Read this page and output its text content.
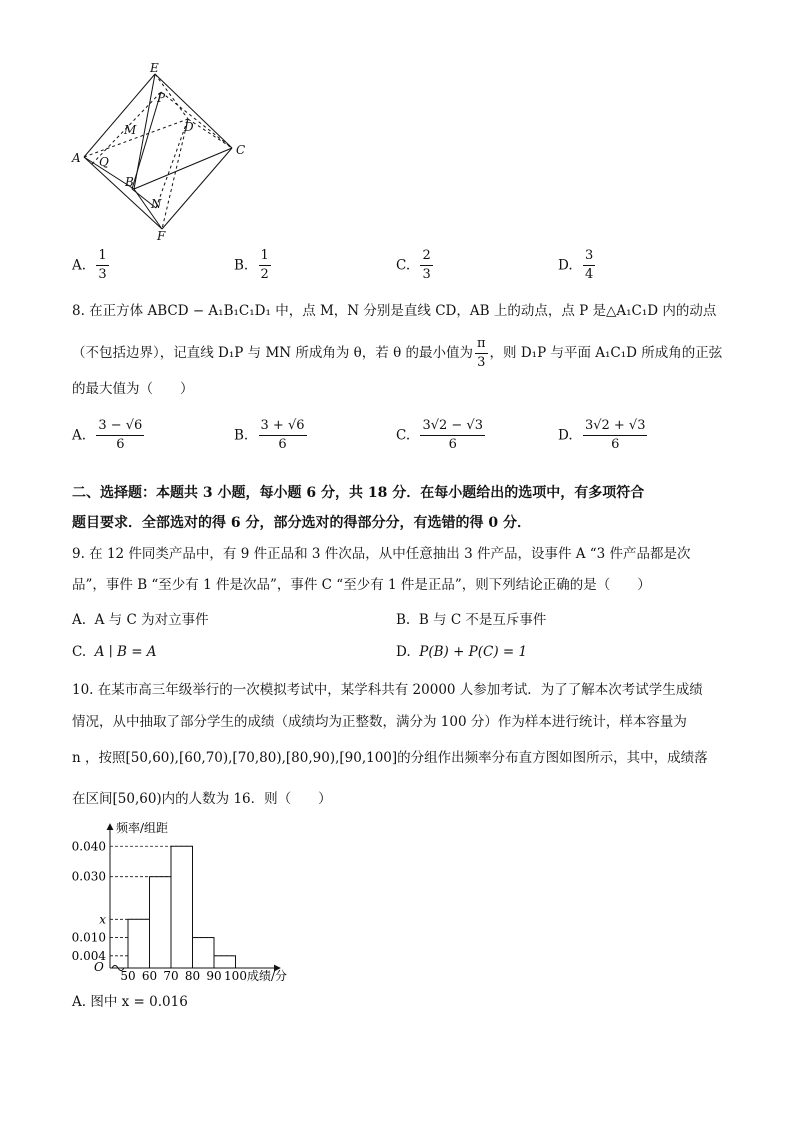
E
P
M	D
A
C
Q
B
N
F
A. $\frac{1}{3}$	B. $\frac{1}{2}$	C. $\frac{2}{3}$	D. $\frac{3}{4}$
8. 在正方体 ABCD − A₁B₁C₁D₁ 中，点 M，N 分别是直线 CD，AB 上的动点，点 P 是△A₁C₁D 内的动点
（不包括边界），记直线 D₁P 与 MN 所成角为 θ，若 θ 的最小值为 $\frac{\pi}{3}$ ，则 D₁P 与平面 A₁C₁D 所成角的正弦
的最大值为（　　）
A. $\frac{3 - √6}{6}$	B. $\frac{3 + √6}{6}$	C. $\frac{3√2 - √3}{6}$	D. $\frac{3√2 + √3}{6}$
二、选择题：本题共 3 小题，每小题 6 分，共 18 分．在每小题给出的选项中，有多项符合
题目要求．全部选对的得 6 分，部分选对的得部分分，有选错的得 0 分．
9. 在 12 件同类产品中，有 9 件正品和 3 件次品，从中任意抽出 3 件产品，设事件 A “3 件产品都是次
品”，事件 B “至少有 1 件是次品”，事件 C “至少有 1 件是正品”，则下列结论正确的是（　　）
A. A 与 C 为对立事件	B. B 与 C 不是互斥事件
C. A ∣ B = A	D. P(B) + P(C) = 1
10. 在某市高三年级举行的一次模拟考试中，某学科共有 20000 人参加考试．为了了解本次考试学生成绩
情况，从中抽取了部分学生的成绩（成绩均为正整数，满分为 100 分）作为样本进行统计，样本容量为
n ，按照[50,60),[60,70),[70,80),[80,90),[90,100]的分组作出频率分布直方图如图所示，其中，成绩落
在区间[50,60)内的人数为 16．则（　　）
频率/组距
成绩/分
O
0.004
0.010
x
0.030
0.040
50 60 70 80 90 100
A. 图中 x = 0.016
